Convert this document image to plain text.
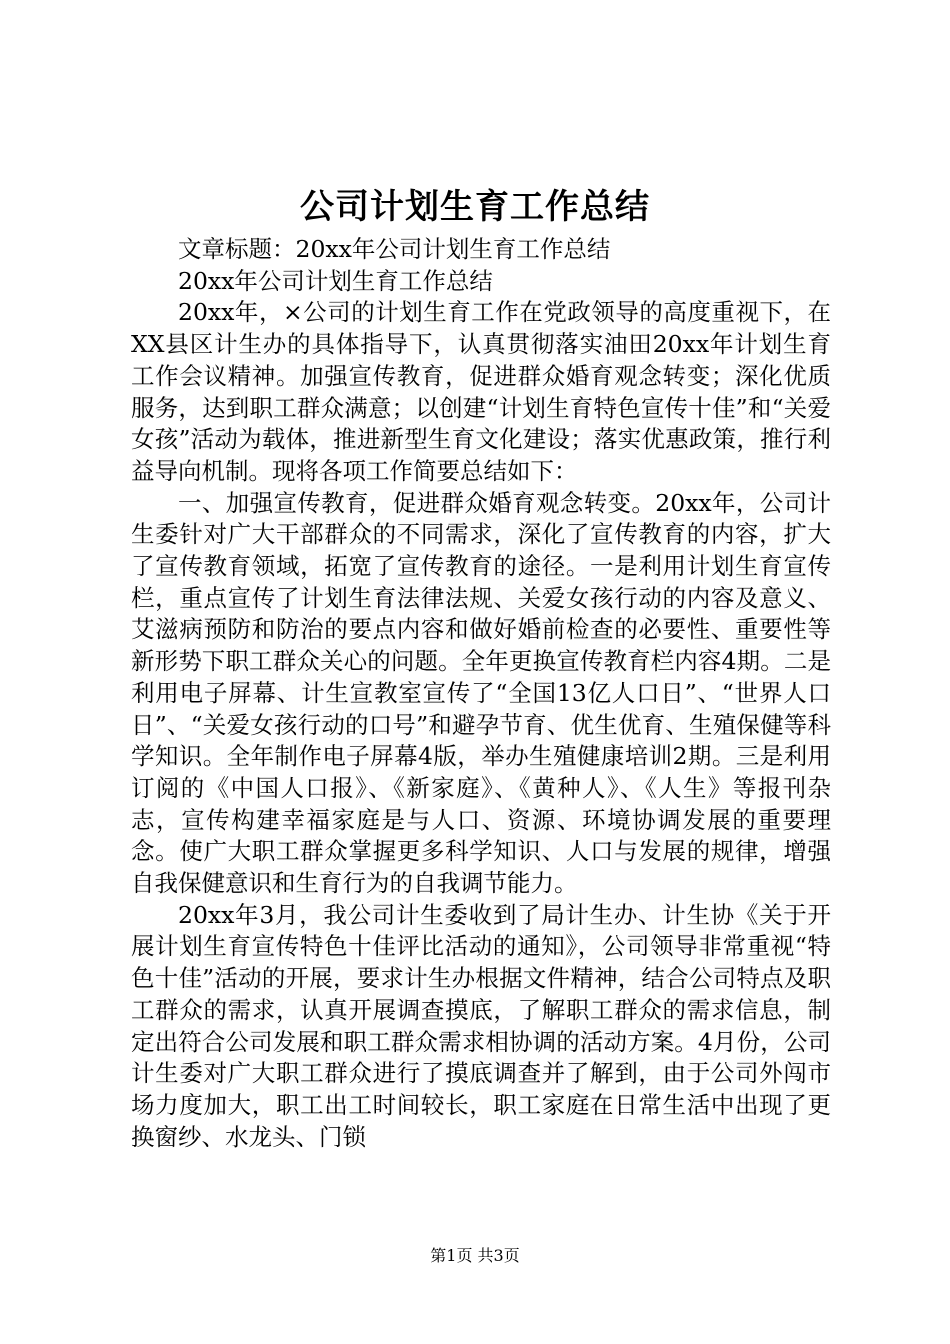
公司计划生育工作总结

文章标题：20xx年公司计划生育工作总结

20xx年公司计划生育工作总结

20xx年，×公司的计划生育工作在党政领导的高度重视下，在XX县区计生办的具体指导下，认真贯彻落实油田20xx年计划生育工作会议精神。加强宣传教育，促进群众婚育观念转变；深化优质服务，达到职工群众满意；以创建“计划生育特色宣传十佳”和“关爱女孩”活动为载体，推进新型生育文化建设；落实优惠政策，推行利益导向机制。现将各项工作简要总结如下：

一、加强宣传教育，促进群众婚育观念转变。20xx年，公司计生委针对广大干部群众的不同需求，深化了宣传教育的内容，扩大了宣传教育领域，拓宽了宣传教育的途径。一是利用计划生育宣传栏，重点宣传了计划生育法律法规、关爱女孩行动的内容及意义、艾滋病预防和防治的要点内容和做好婚前检查的必要性、重要性等新形势下职工群众关心的问题。全年更换宣传教育栏内容4期。二是利用电子屏幕、计生宣教室宣传了“全国13亿人口日”、“世界人口日”、“关爱女孩行动的口号”和避孕节育、优生优育、生殖保健等科学知识。全年制作电子屏幕4版，举办生殖健康培训2期。三是利用订阅的《中国人口报》、《新家庭》、《黄种人》、《人生》等报刊杂志，宣传构建幸福家庭是与人口、资源、环境协调发展的重要理念。使广大职工群众掌握更多科学知识、人口与发展的规律，增强自我保健意识和生育行为的自我调节能力。

20xx年3月，我公司计生委收到了局计生办、计生协《关于开展计划生育宣传特色十佳评比活动的通知》，公司领导非常重视“特色十佳”活动的开展，要求计生办根据文件精神，结合公司特点及职工群众的需求，认真开展调查摸底，了解职工群众的需求信息，制定出符合公司发展和职工群众需求相协调的活动方案。4月份，公司计生委对广大职工群众进行了摸底调查并了解到，由于公司外闯市场力度加大，职工出工时间较长，职工家庭在日常生活中出现了更换窗纱、水龙头、门锁

第1页 共3页
